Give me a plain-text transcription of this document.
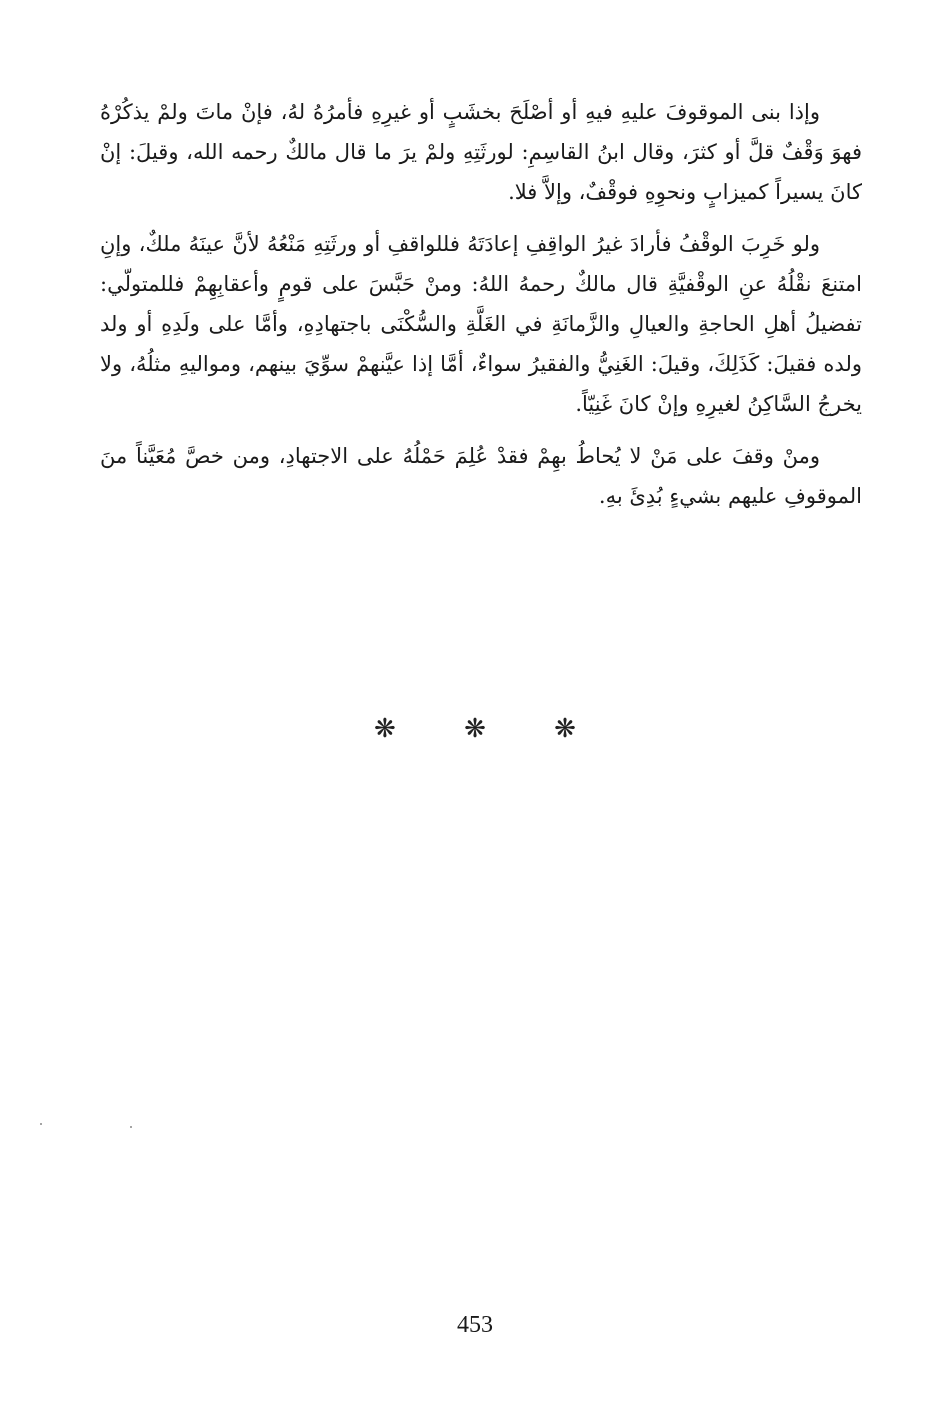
وإذا بنى الموقوفَ عليهِ فيهِ أو أصْلَحَ بخشَبٍ أو غيرِهِ فأمرُهُ لهُ، فإنْ ماتَ ولمْ يذكُرْهُ فهوَ وَقْفٌ قلَّ أو كثرَ، وقال ابنُ القاسِمِ: لورثَتِهِ ولمْ يرَ ما قال مالكٌ رحمه الله، وقيلَ: إنْ كانَ يسيراً كميزابٍ ونحوِهِ فوقْفٌ، وإلاَّ فلا.

ولو خَرِبَ الوقْفُ فأرادَ غيرُ الواقِفِ إعادَتَهُ فللواقفِ أو ورثَتِهِ مَنْعُهُ لأنَّ عينَهُ ملكٌ، وإنِ امتنعَ نقْلُهُ عنِ الوقْفيَّةِ قال مالكٌ رحمهُ اللهُ: ومنْ حَبَّسَ على قومٍ وأعقابِهِمْ فللمتولّي: تفضيلُ أهلِ الحاجةِ والعيالِ والزَّمانَةِ في الغَلَّةِ والسُّكْنَى باجتهادِهِ، وأمَّا على ولَدِهِ أو ولد ولده فقيلَ: كَذَلِكَ، وقيلَ: الغَنِيُّ والفقيرُ سواءٌ، أمَّا إذا عيَّنهمْ سوِّيَ بينهم، ومواليهِ مثلُهُ، ولا يخرجُ السَّاكِنُ لغيرِهِ وإنْ كانَ غَنِيّاً.

ومنْ وقفَ على مَنْ لا يُحاطُ بهِمْ فقدْ عُلِمَ حَمْلُهُ على الاجتهادِ، ومن خصَّ مُعَيَّناً منَ الموقوفِ عليهم بشيءٍ بُدِئَ بهِ.

❋ ❋ ❋
453
